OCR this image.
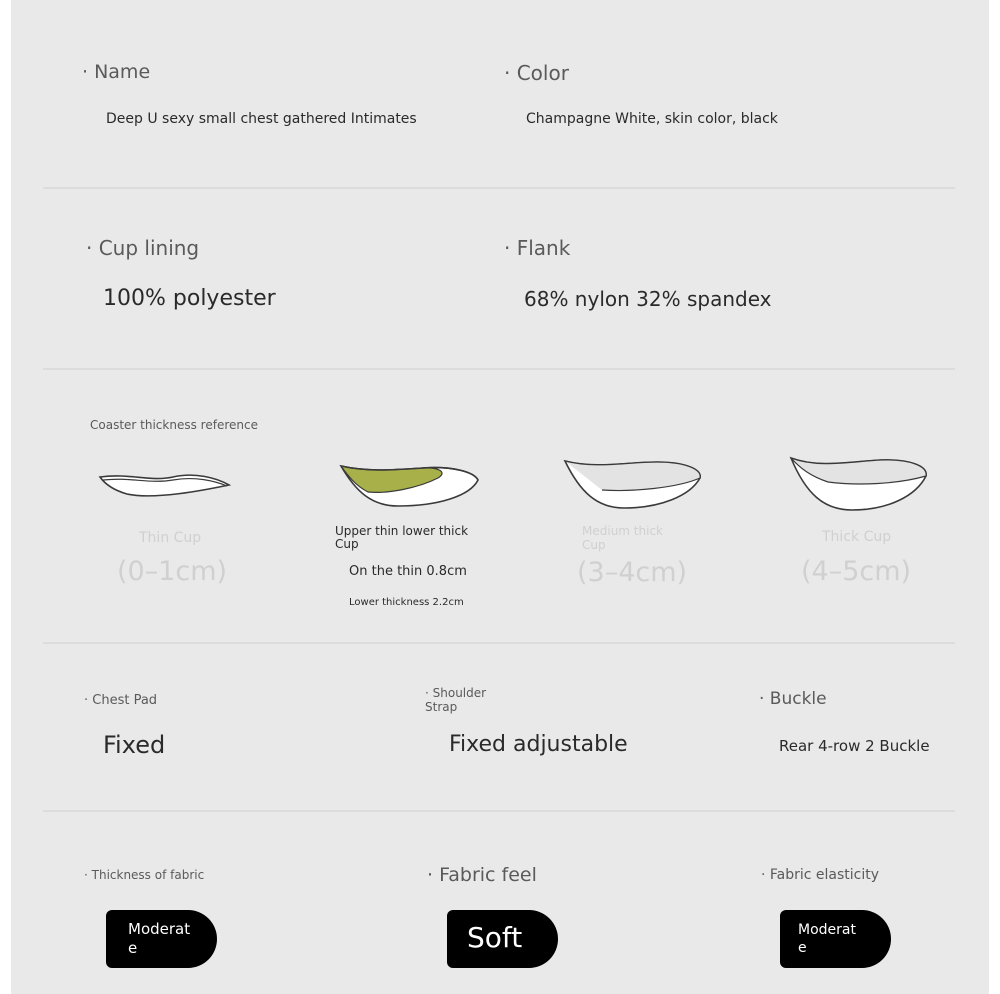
· Name
Deep U sexy small chest gathered Intimates
· Color
Champagne White, skin color, black
· Cup lining
100% polyester
· Flank
68% nylon 32% spandex
Coaster thickness reference
Thin Cup
(0–1cm)
Upper thin lower thick
Cup
On the thin 0.8cm
Lower thickness 2.2cm
Medium thick
Cup
(3–4cm)
Thick Cup
(4–5cm)
· Chest Pad
Fixed
· Shoulder
Strap
Fixed adjustable
· Buckle
Rear 4-row 2 Buckle
· Thickness of fabric
Moderat
e
· Fabric feel
Soft
· Fabric elasticity
Moderat
e
